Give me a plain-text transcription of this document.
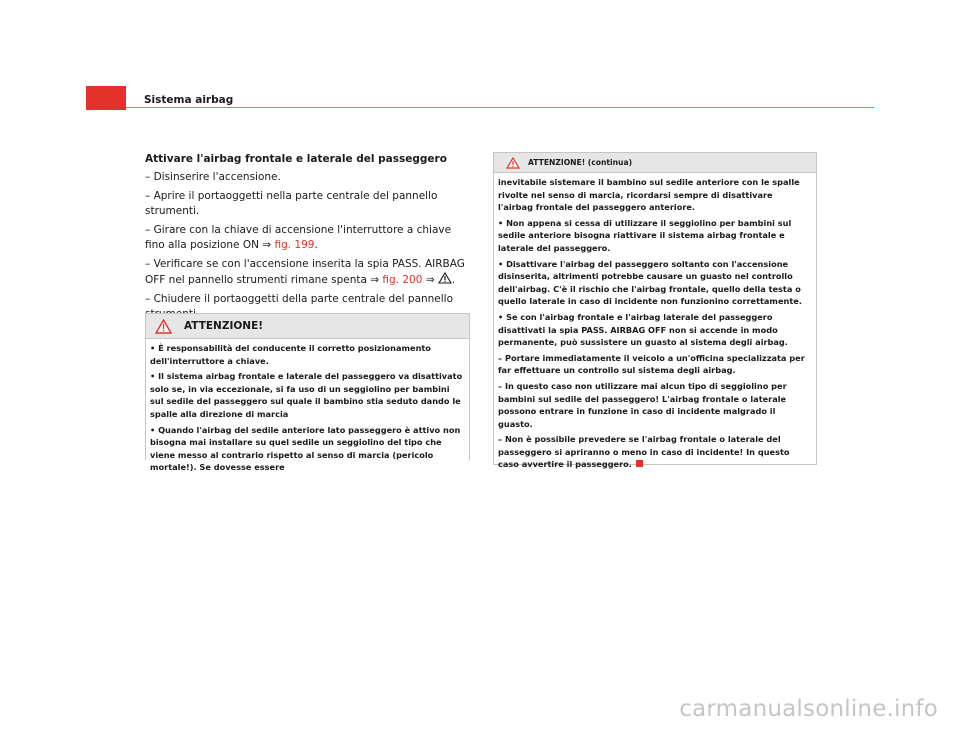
Sistema airbag

Attivare l'airbag frontale e laterale del passeggero

– Disinserire l'accensione.

– Aprire il portaoggetti nella parte centrale del pannello strumenti.

– Girare con la chiave di accensione l'interruttore a chiave fino alla posizione ON ⇒ fig. 199.

– Verificare se con l'accensione inserita la spia PASS. AIRBAG OFF nel pannello strumenti rimane spenta ⇒ fig. 200 ⇒ .

– Chiudere il portaoggetti della parte centrale del pannello

ATTENZIONE!

• È responsabilità del conducente il corretto posizionamento dell'interruttore a chiave.

• Il sistema airbag frontale e laterale del passeggero va disattivato solo se, in via eccezionale, si fa uso di un seggiolino per bambini sul sedile del passeggero sul quale il bambino stia seduto dando le spalle alla direzione di marcia

• Quando l'airbag del sedile anteriore lato passeggero è attivo non bisogna mai installare su quel sedile un seggiolino del tipo che viene messo al contrario rispetto al senso di marcia (pericolo mortale!). Se dovesse essere

ATTENZIONE! (continua)

inevitabile sistemare il bambino sul sedile anteriore con le spalle rivolte nel senso di marcia, ricordarsi sempre di disattivare l'airbag frontale del passeggero anteriore.

• Non appena si cessa di utilizzare il seggiolino per bambini sul sedile anteriore bisogna riattivare il sistema airbag frontale e laterale del passeggero.

• Disattivare l'airbag del passeggero soltanto con l'accensione disinserita, altrimenti potrebbe causare un guasto nel controllo dell'airbag. C'è il rischio che l'airbag frontale, quello della testa o quello laterale in caso di incidente non funzionino correttamente.

• Se con l'airbag frontale e l'airbag laterale del passeggero disattivati la spia PASS. AIRBAG OFF non si accende in modo permanente, può sussistere un guasto al sistema degli airbag.

– Portare immediatamente il veicolo a un'officina specializzata per far effettuare un controllo sul sistema degli airbag.

– In questo caso non utilizzare mai alcun tipo di seggiolino per bambini sul sedile del passeggero! L'airbag frontale o laterale possono entrare in funzione in caso di incidente malgrado il guasto.

– Non è possibile prevedere se l'airbag frontale o laterale del passeggero si apriranno o meno in caso di incidente! In questo caso avvertire il passeggero.

carmanualsonline.info
